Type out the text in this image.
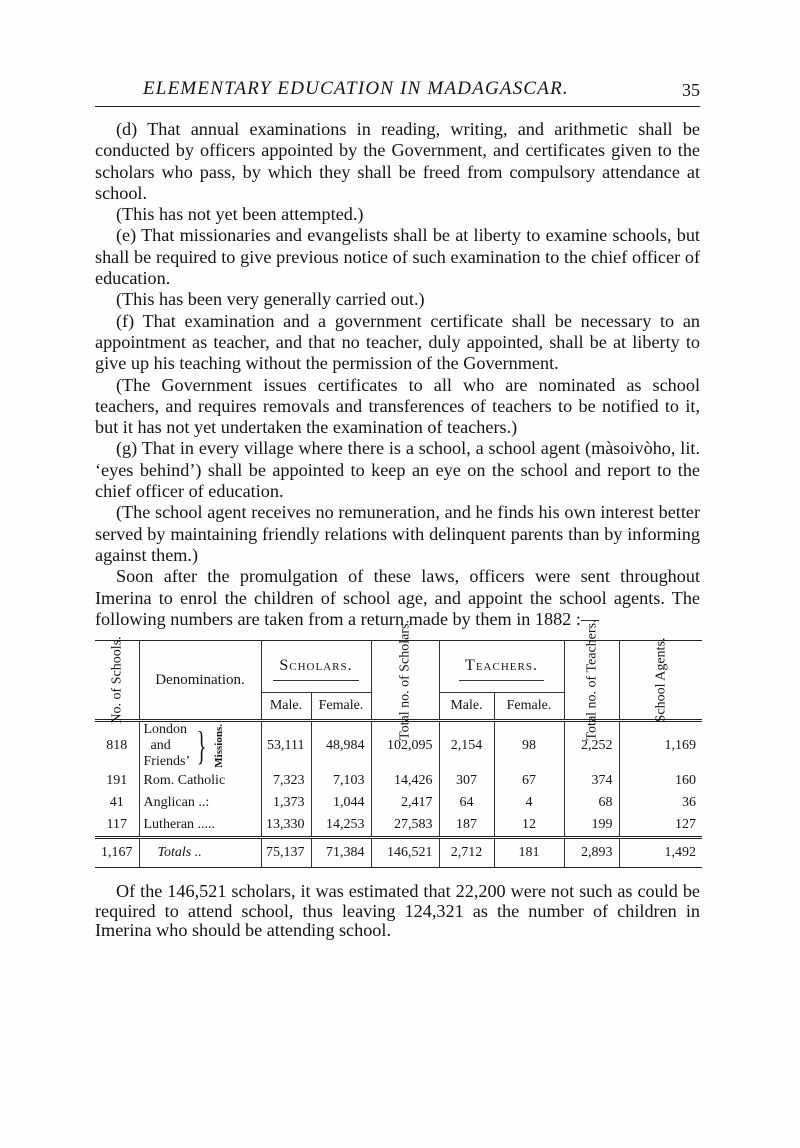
ELEMENTARY EDUCATION IN MADAGASCAR.	35

(d) That annual examinations in reading, writing, and arithmetic shall be conducted by officers appointed by the Government, and certificates given to the scholars who pass, by which they shall be freed from compulsory attendance at school.

(This has not yet been attempted.)

(e) That missionaries and evangelists shall be at liberty to examine schools, but shall be required to give previous notice of such examination to the chief officer of education.

(This has been very generally carried out.)

(f) That examination and a government certificate shall be necessary to an appointment as teacher, and that no teacher, duly appointed, shall be at liberty to give up his teaching without the permission of the Government.

(The Government issues certificates to all who are nominated as school teachers, and requires removals and transferences of teachers to be notified to it, but it has not yet undertaken the examination of teachers.)

(g) That in every village where there is a school, a school agent (màsoivòho, lit. ‘eyes behind’) shall be appointed to keep an eye on the school and report to the chief officer of education.

(The school agent receives no remuneration, and he finds his own interest better served by maintaining friendly relations with delinquent parents than by informing against them.)

Soon after the promulgation of these laws, officers were sent throughout Imerina to enrol the children of school age, and appoint the school agents. The following numbers are taken from a return made by them in 1882 :—

No. of Schools.	Denomination.	Scholars.		Total no. of Scholars.	Teachers.		Total no. of Teachers.	School Agents.

		Male.	Female.		Male.	Female.		

818	London
and
Friends’ } Missions.	53,111	48,984	102,095	2,154	98	2,252	1,169
191	Rom. Catholic	7,323	7,103	14,426	307	67	374	160
41	Anglican ..:	1,373	1,044	2,417	64	4	68	36
117	Lutheran .....	13,330	14,253	27,583	187	12	199	127
1,167	Totals ..	75,137	71,384	146,521	2,712	181	2,893	1,492

Of the 146,521 scholars, it was estimated that 22,200 were not such as could be required to attend school, thus leaving 124,321 as the number of children in Imerina who should be attending school.
